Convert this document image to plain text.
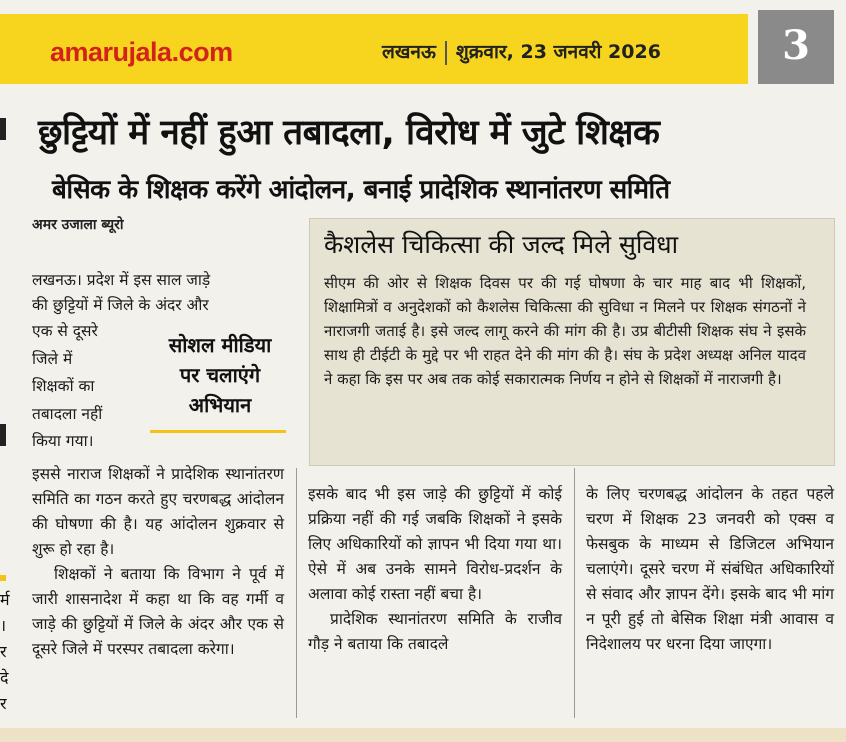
amarujala.com	लखनऊ शुक्रवार, 23 जनवरी 2026	3
छुट्टियों में नहीं हुआ तबादला, विरोध में जुटे शिक्षक
बेसिक के शिक्षक करेंगे आंदोलन, बनाई प्रादेशिक स्थानांतरण समिति
अमर उजाला ब्यूरो

लखनऊ। प्रदेश में इस साल जाड़े

की छुट्टियों में जिले के अंदर और

एक से दूसरे

जिले में

शिक्षकों का

तबादला नहीं

किया गया।

सोशल मीडिया
पर चलाएंगे
अभियान

इससे नाराज शिक्षकों ने प्रादेशिक स्थानांतरण समिति का गठन करते हुए चरणबद्ध आंदोलन की घोषणा की है। यह आंदोलन शुक्रवार से शुरू हो रहा है।

शिक्षकों ने बताया कि विभाग ने पूर्व में जारी शासनादेश में कहा था कि वह गर्मी व जाड़े की छुट्टियों में जिले के अंदर और एक से दूसरे जिले में परस्पर तबादला करेगा।

कैशलेस चिकित्सा की जल्द मिले सुविधा
सीएम की ओर से शिक्षक दिवस पर की गई घोषणा के चार माह बाद भी शिक्षकों, शिक्षामित्रों व अनुदेशकों को कैशलेस चिकित्सा की सुविधा न मिलने पर शिक्षक संगठनों ने नाराजगी जताई है। इसे जल्द लागू करने की मांग की है। उप्र बीटीसी शिक्षक संघ ने इसके साथ ही टीईटी के मुद्दे पर भी राहत देने की मांग की है। संघ के प्रदेश अध्यक्ष अनिल यादव ने कहा कि इस पर अब तक कोई सकारात्मक निर्णय न होने से शिक्षकों में नाराजगी है।

इसके बाद भी इस जाड़े की छुट्टियों में कोई प्रक्रिया नहीं की गई जबकि शिक्षकों ने इसके लिए अधिकारियों को ज्ञापन भी दिया गया था। ऐसे में अब उनके सामने विरोध-प्रदर्शन के अलावा कोई रास्ता नहीं बचा है।

प्रादेशिक स्थानांतरण समिति के राजीव गौड़ ने बताया कि तबादले

के लिए चरणबद्ध आंदोलन के तहत पहले चरण में शिक्षक 23 जनवरी को एक्स व फेसबुक के माध्यम से डिजिटल अभियान चलाएंगे। दूसरे चरण में संबंधित अधिकारियों से संवाद और ज्ञापन देंगे। इसके बाद भी मांग न पूरी हुई तो बेसिक शिक्षा मंत्री आवास व निदेशालय पर धरना दिया जाएगा।

र्म
।
र
दे
र
